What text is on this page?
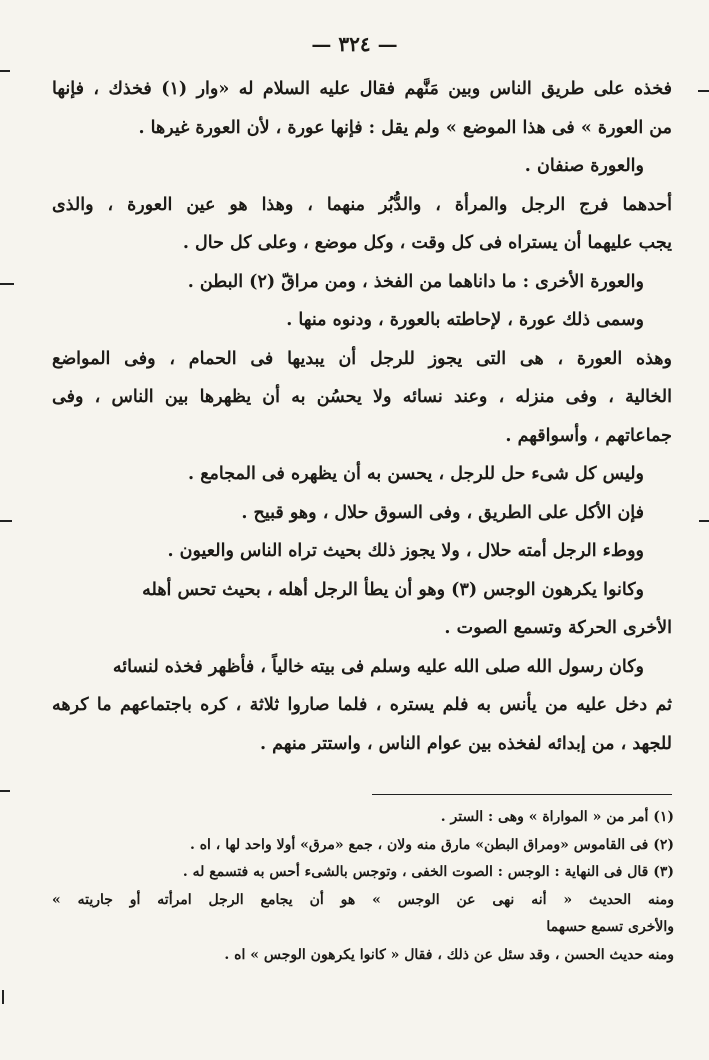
— ٣٢٤ —
فخذه على طريق الناس وبين مَنَّهم فقال عليه السلام له «وار (١) فخذك ، فإنها
من العورة » فى هذا الموضع » ولم يقل : فإنها عورة ، لأن العورة غيرها .
والعورة صنفان .
أحدهما فرج الرجل والمرأة ، والدُّبُر منهما ، وهذا هو عين العورة ، والذى
يجب عليهما أن يستراه فى كل وقت ، وكل موضع ، وعلى كل حال .
والعورة الأخرى : ما داناهما من الفخذ ، ومن مراقّ (٢) البطن .
وسمى ذلك عورة ، لإحاطته بالعورة ، ودنوه منها .
وهذه العورة ، هى التى يجوز للرجل أن يبديها فى الحمام ، وفى المواضع
الخالية ، وفى منزله ، وعند نسائه ولا يحسُن به أن يظهرها بين الناس ، وفى
جماعاتهم ، وأسواقهم .
وليس كل شىء حل للرجل ، يحسن به أن يظهره فى المجامع .
فإن الأكل على الطريق ، وفى السوق حلال ، وهو قبيح .
ووطء الرجل أمته حلال ، ولا يجوز ذلك بحيث تراه الناس والعيون .
وكانوا يكرهون الوجس (٣) وهو أن يطأ الرجل أهله ، بحيث تحس أهله
الأخرى الحركة وتسمع الصوت .
وكان رسول الله صلى الله عليه وسلم فى بيته خالياً ، فأظهر فخذه لنسائه
ثم دخل عليه من يأنس به فلم يستره ، فلما صاروا ثلاثة ، كره باجتماعهم ما كرهه
للجهد ، من إبدائه لفخذه بين عوام الناس ، واستتر منهم .
(١) أمر من « المواراة » وهى : الستر .
(٢) فى القاموس «ومراق البطن» مارق منه ولان ، جمع «مرق» أولا واحد لها ، اه .
(٣) قال فى النهاية : الوجس : الصوت الخفى ، وتوجس بالشىء أحس به فتسمع له .
ومنه الحديث « أنه نهى عن الوجس » هو أن يجامع الرجل امرأته أو جاريته »
والأخرى تسمع حسهما
ومنه حديث الحسن ، وقد سئل عن ذلك ، فقال « كانوا يكرهون الوجس » اه .
